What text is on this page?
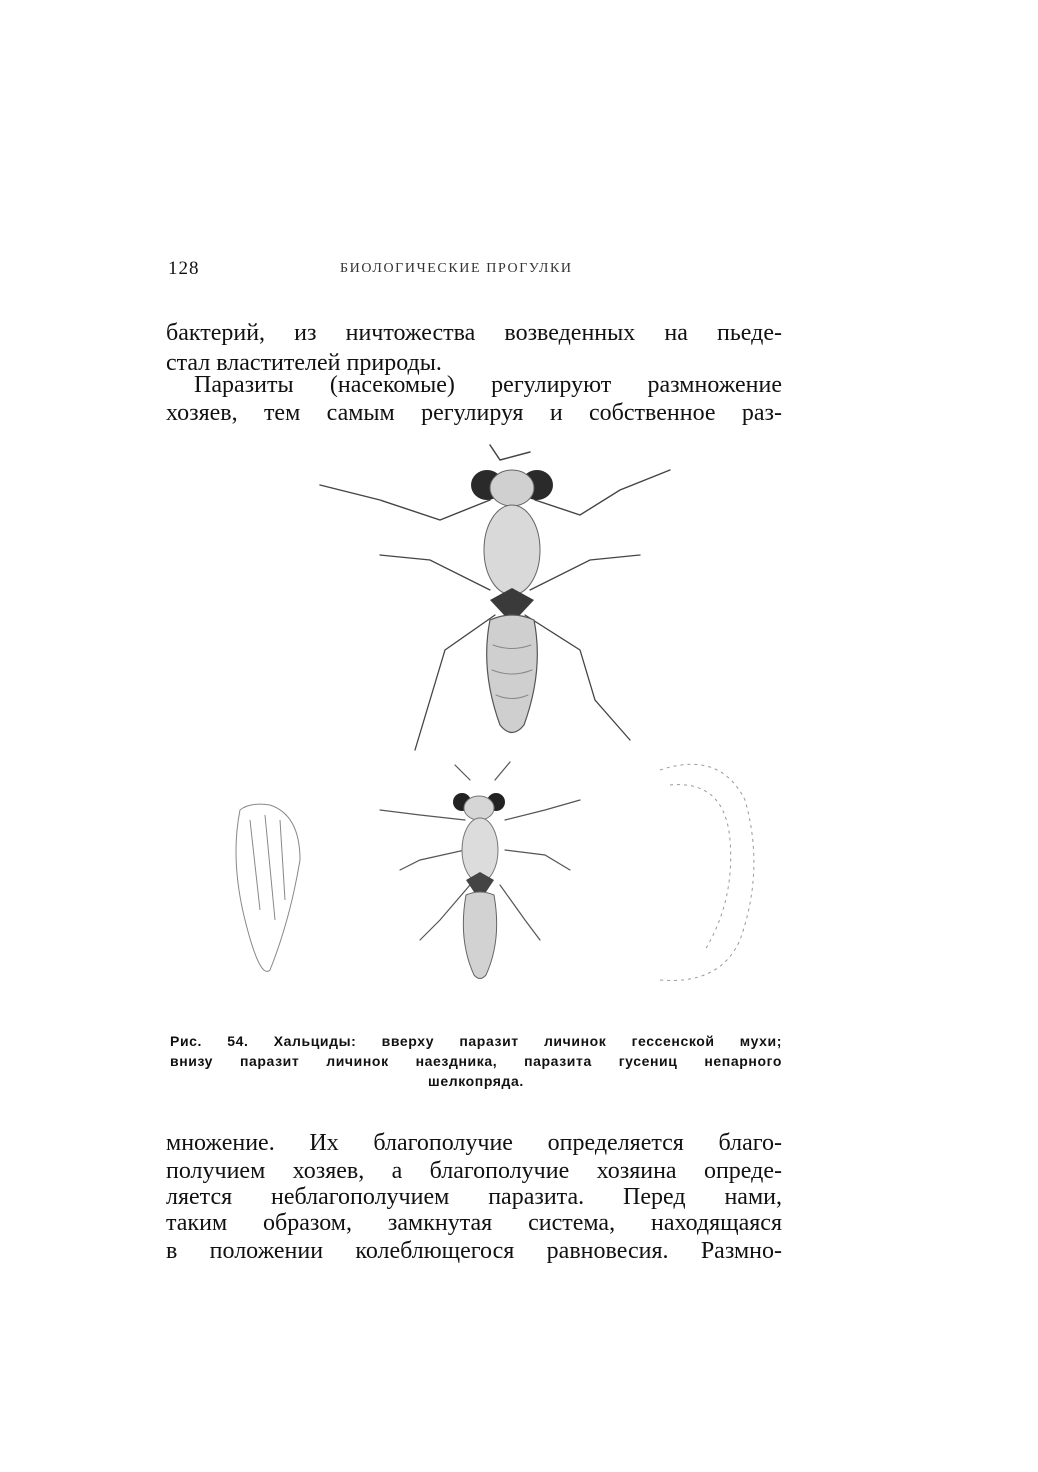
128	БИОЛОГИЧЕСКИЕ ПРОГУЛКИ
бактерий, из ничтожества возведенных на пьеде-
стал властителей природы.
Паразиты (насекомые) регулируют размножение
хозяев, тем самым регулируя и собственное раз-
Рис. 54. Хальциды: вверху паразит личинок гессенской мухи;
внизу паразит личинок наездника, паразита гусениц непарного
шелкопряда.
множение. Их благополучие определяется благо-
получием хозяев, а благополучие хозяина опреде-
ляется неблагополучием паразита. Перед нами,
таким образом, замкнутая система, находящаяся
в положении колеблющегося равновесия. Размно-
